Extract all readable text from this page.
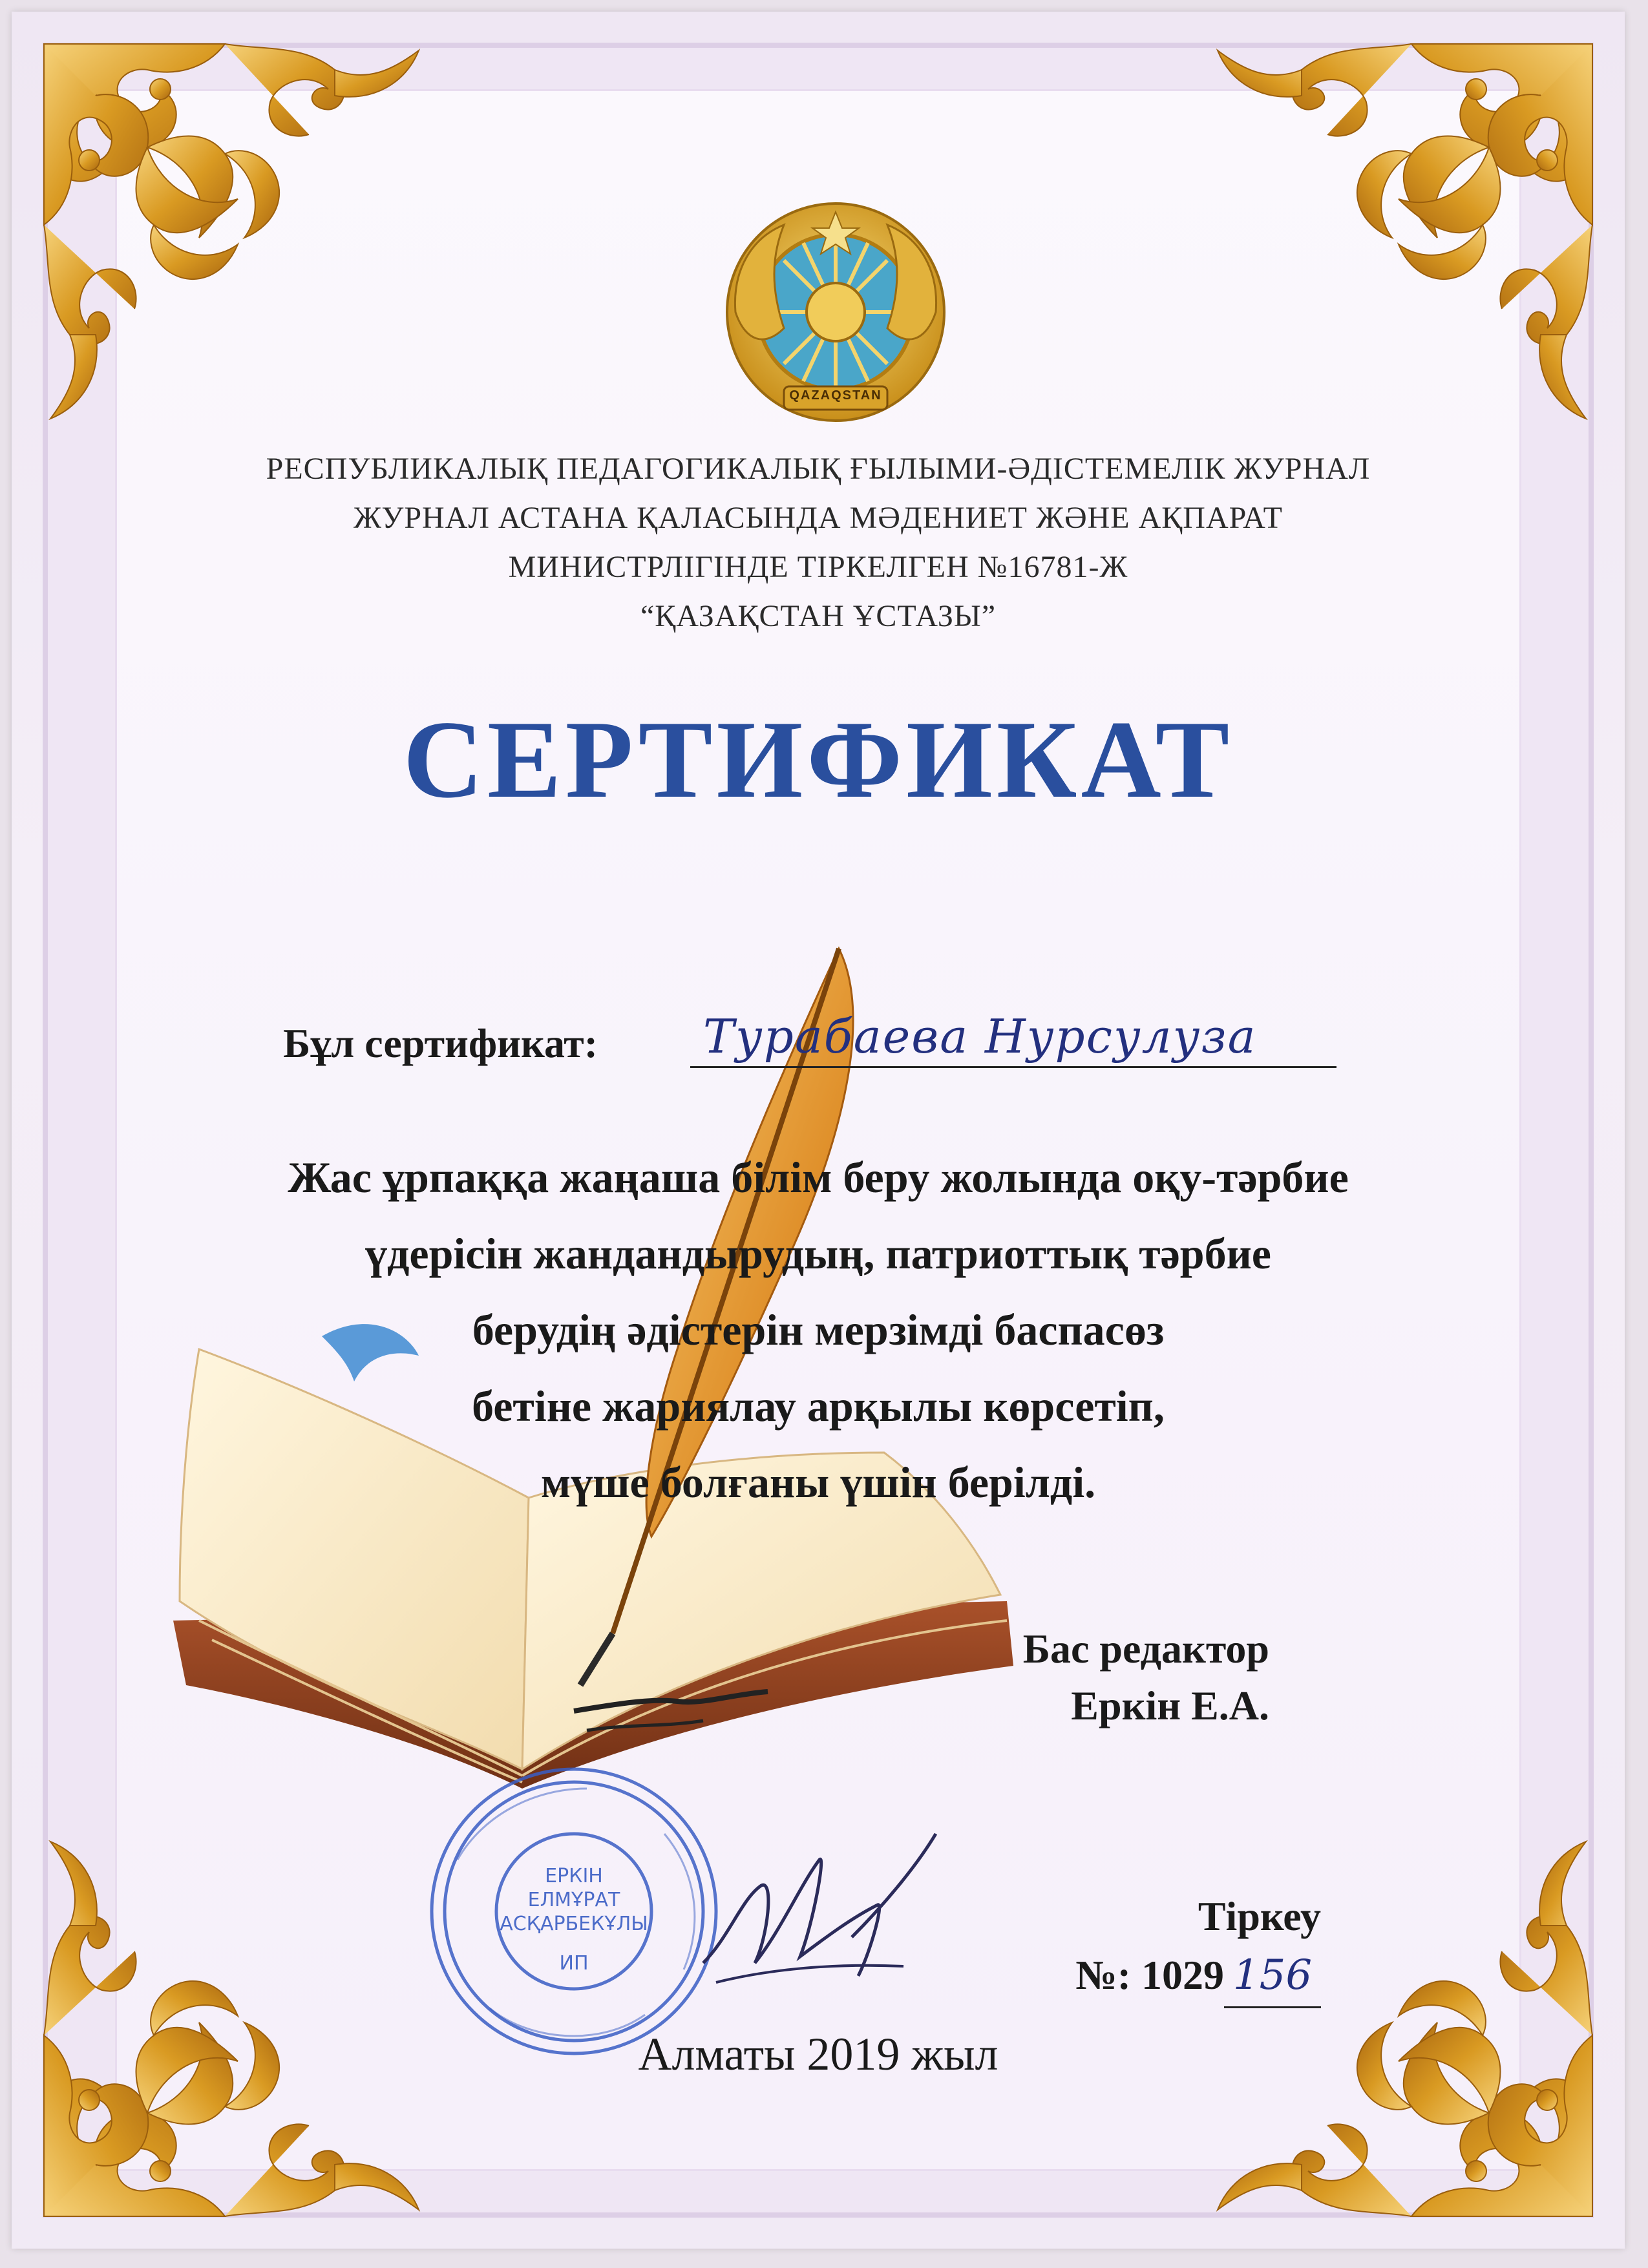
QAZAQSTAN
РЕСПУБЛИКАЛЫҚ ПЕДАГОГИКАЛЫҚ ҒЫЛЫМИ-ӘДІСТЕМЕЛІК ЖУРНАЛ
ЖУРНАЛ АСТАНА ҚАЛАСЫНДА МӘДЕНИЕТ ЖӘНЕ АҚПАРАТ
МИНИСТРЛІГІНДЕ ТІРКЕЛГЕН №16781-Ж
“ҚАЗАҚСТАН ҰСТАЗЫ”
СЕРТИФИКАТ
Бұл сертификат: Турабаева Нурсулуза
Жас ұрпаққа жаңаша білім беру жолында оқу-тәрбие
үдерісін жандандырудың, патриоттық тәрбие
берудің әдістерін мерзімді баспасөз
бетіне жариялау арқылы көрсетіп,
мүше болғаны үшін берілді.
Бас редактор
Еркін Е.А.
ЕРКІН
ЕЛМҰРАТ
АСҚАРБЕКҰЛЫ
ИП
Тіркеу
№: 1029 156
Алматы 2019 жыл
